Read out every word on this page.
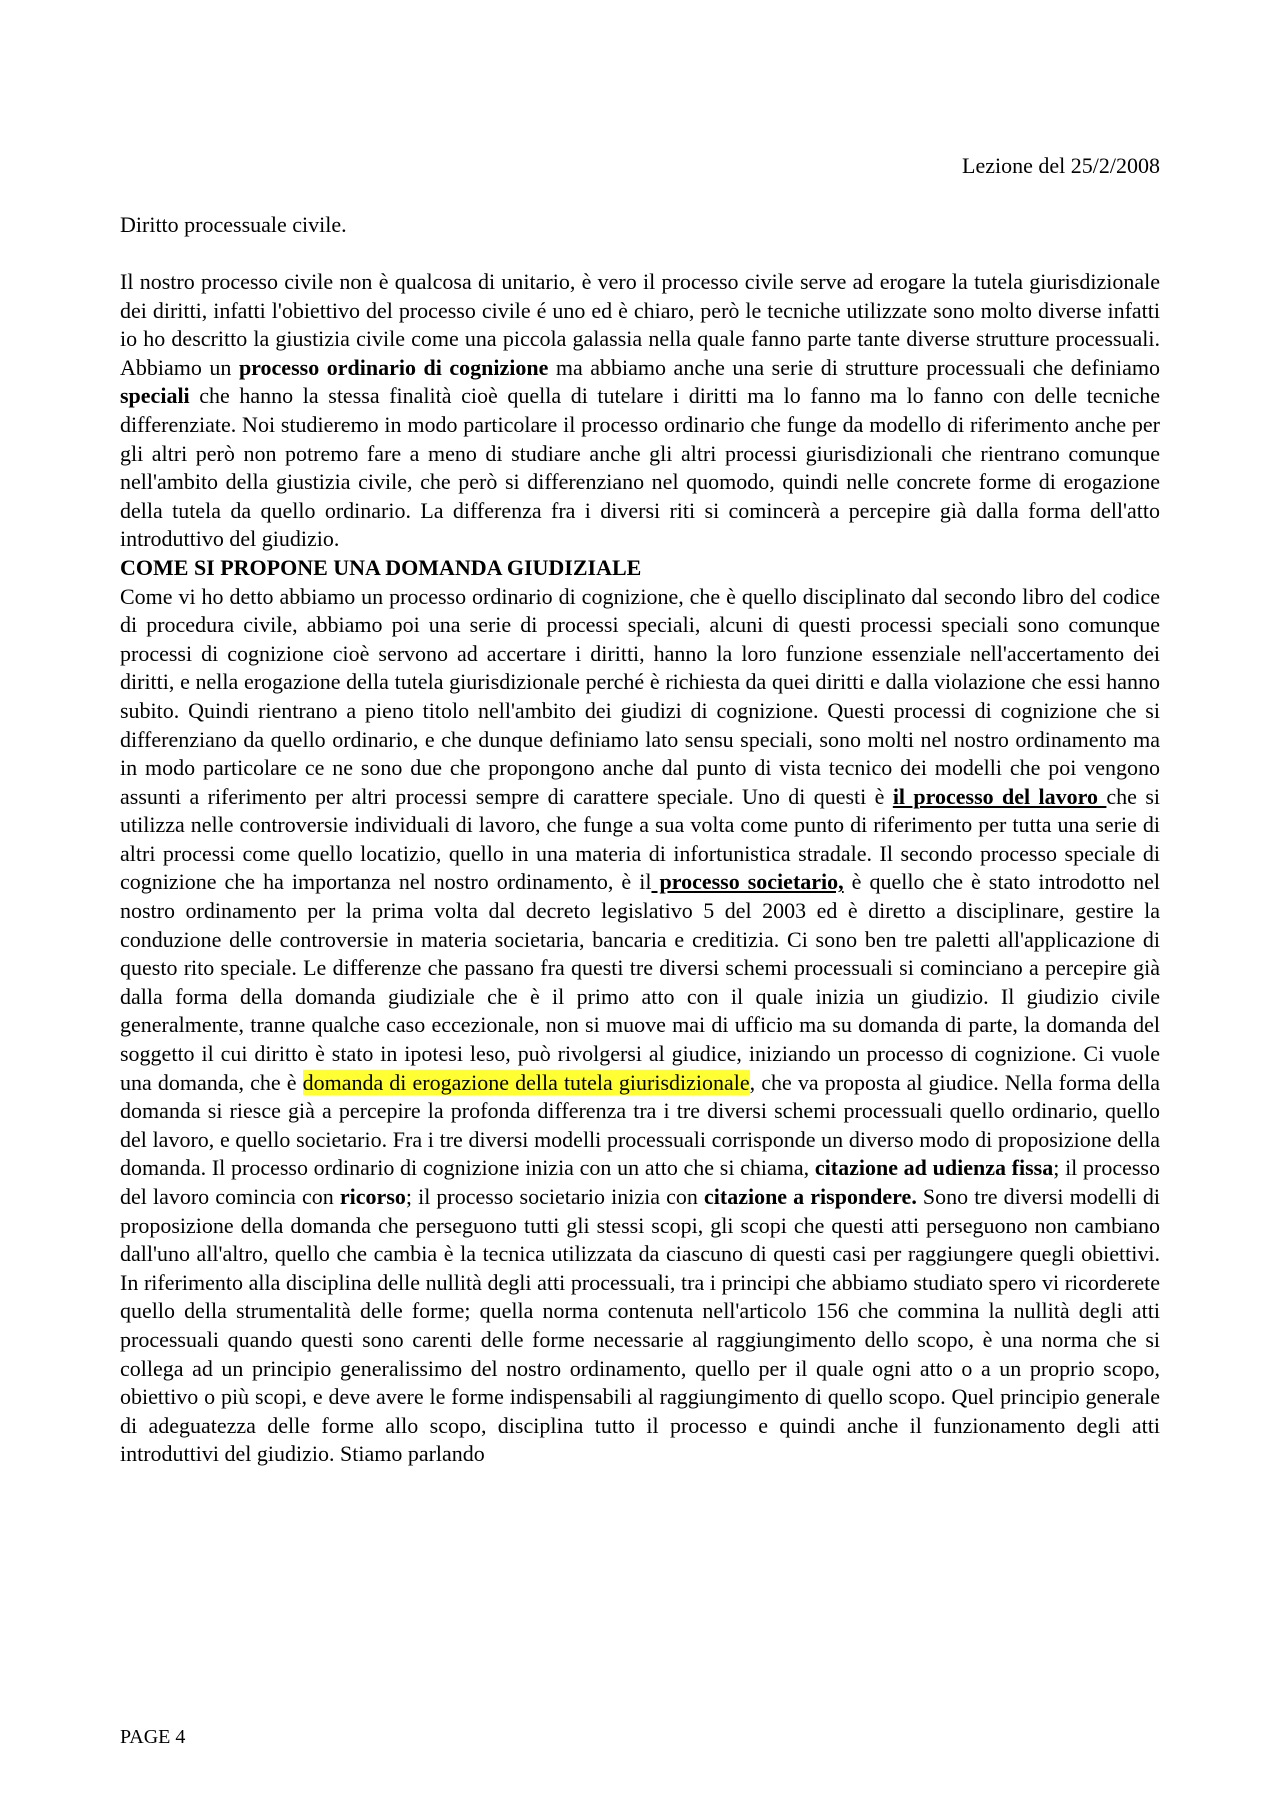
Lezione del 25/2/2008
Diritto processuale civile.

Il nostro processo civile non è qualcosa di unitario, è vero il processo civile serve ad erogare la tutela giurisdizionale dei diritti, infatti l'obiettivo del processo civile é uno ed è chiaro, però le tecniche utilizzate sono molto diverse infatti io ho descritto la giustizia civile come una piccola galassia nella quale fanno parte tante diverse strutture processuali. Abbiamo un processo ordinario di cognizione ma abbiamo anche una serie di strutture processuali che definiamo speciali che hanno la stessa finalità cioè quella di tutelare i diritti ma lo fanno ma lo fanno con delle tecniche differenziate. Noi studieremo in modo particolare il processo ordinario che funge da modello di riferimento anche per gli altri però non potremo fare a meno di studiare anche gli altri processi giurisdizionali che rientrano comunque nell'ambito della giustizia civile, che però si differenziano nel quomodo, quindi nelle concrete forme di erogazione della tutela da quello ordinario. La differenza fra i diversi riti si comincerà a percepire già dalla forma dell'atto introduttivo del giudizio.

COME SI PROPONE UNA DOMANDA GIUDIZIALE

Come vi ho detto abbiamo un processo ordinario di cognizione, che è quello disciplinato dal secondo libro del codice di procedura civile, abbiamo poi una serie di processi speciali, alcuni di questi processi speciali sono comunque processi di cognizione cioè servono ad accertare i diritti, hanno la loro funzione essenziale nell'accertamento dei diritti, e nella erogazione della tutela giurisdizionale perché è richiesta da quei diritti e dalla violazione che essi hanno subito. Quindi rientrano a pieno titolo nell'ambito dei giudizi di cognizione. Questi processi di cognizione che si differenziano da quello ordinario, e che dunque definiamo lato sensu speciali, sono molti nel nostro ordinamento ma in modo particolare ce ne sono due che propongono anche dal punto di vista tecnico dei modelli che poi vengono assunti a riferimento per altri processi sempre di carattere speciale. Uno di questi è il processo del lavoro che si utilizza nelle controversie individuali di lavoro, che funge a sua volta come punto di riferimento per tutta una serie di altri processi come quello locatizio, quello in una materia di infortunistica stradale. Il secondo processo speciale di cognizione che ha importanza nel nostro ordinamento, è il processo societario, è quello che è stato introdotto nel nostro ordinamento per la prima volta dal decreto legislativo 5 del 2003 ed è diretto a disciplinare, gestire la conduzione delle controversie in materia societaria, bancaria e creditizia. Ci sono ben tre paletti all'applicazione di questo rito speciale. Le differenze che passano fra questi tre diversi schemi processuali si cominciano a percepire già dalla forma della domanda giudiziale che è il primo atto con il quale inizia un giudizio. Il giudizio civile generalmente, tranne qualche caso eccezionale, non si muove mai di ufficio ma su domanda di parte, la domanda del soggetto il cui diritto è stato in ipotesi leso, può rivolgersi al giudice, iniziando un processo di cognizione. Ci vuole una domanda, che è domanda di erogazione della tutela giurisdizionale, che va proposta al giudice. Nella forma della domanda si riesce già a percepire la profonda differenza tra i tre diversi schemi processuali quello ordinario, quello del lavoro, e quello societario. Fra i tre diversi modelli processuali corrisponde un diverso modo di proposizione della domanda. Il processo ordinario di cognizione inizia con un atto che si chiama, citazione ad udienza fissa; il processo del lavoro comincia con ricorso; il processo societario inizia con citazione a rispondere. Sono tre diversi modelli di proposizione della domanda che perseguono tutti gli stessi scopi, gli scopi che questi atti perseguono non cambiano dall'uno all'altro, quello che cambia è la tecnica utilizzata da ciascuno di questi casi per raggiungere quegli obiettivi. In riferimento alla disciplina delle nullità degli atti processuali, tra i principi che abbiamo studiato spero vi ricorderete quello della strumentalità delle forme; quella norma contenuta nell'articolo 156 che commina la nullità degli atti processuali quando questi sono carenti delle forme necessarie al raggiungimento dello scopo, è una norma che si collega ad un principio generalissimo del nostro ordinamento, quello per il quale ogni atto o a un proprio scopo, obiettivo o più scopi, e deve avere le forme indispensabili al raggiungimento di quello scopo. Quel principio generale di adeguatezza delle forme allo scopo, disciplina tutto il processo e quindi anche il funzionamento degli atti introduttivi del giudizio. Stiamo parlando

PAGE 4
